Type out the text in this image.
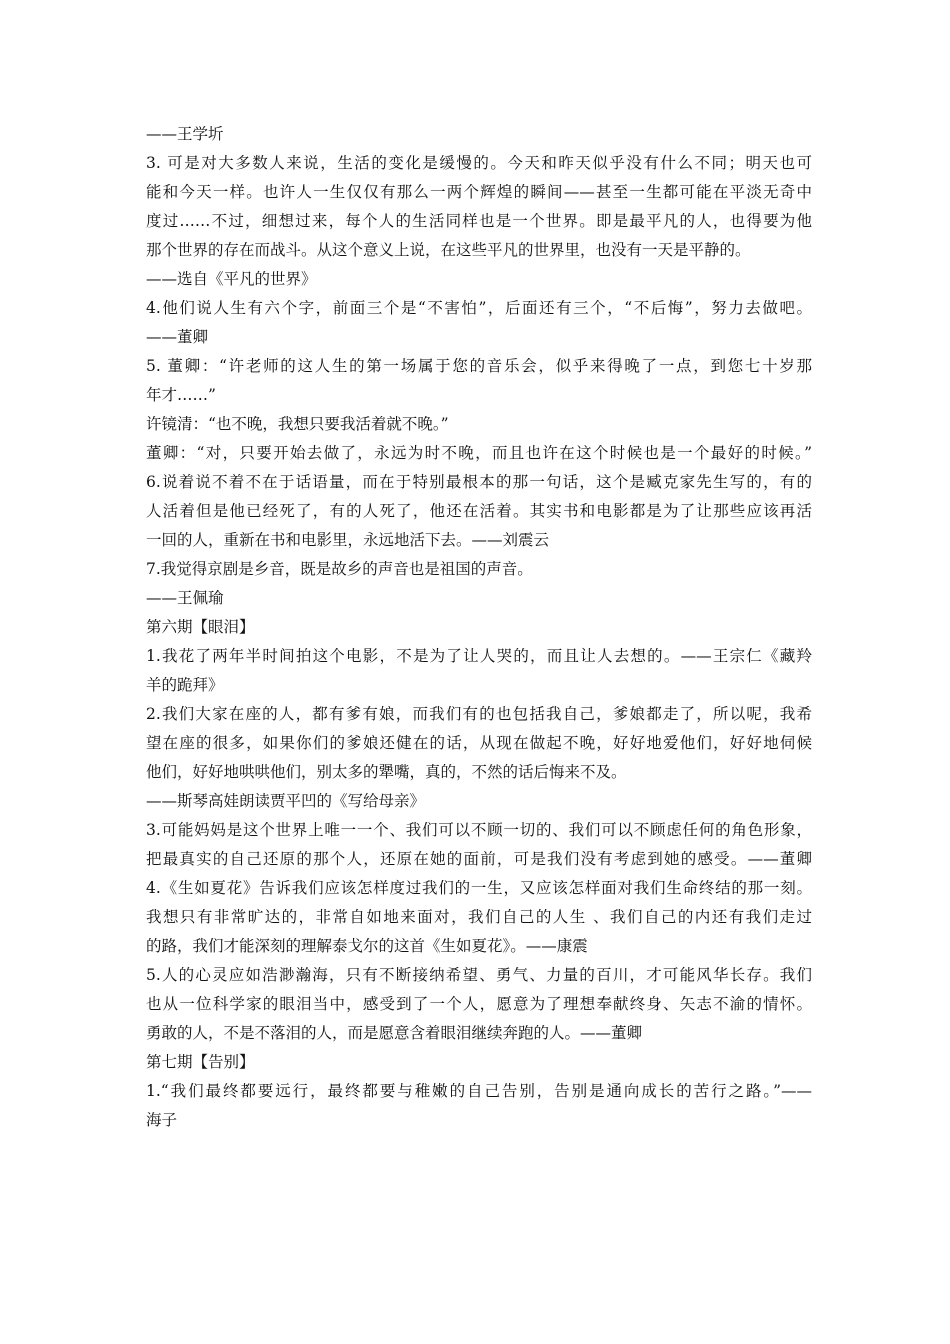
——王学圻
3. 可是对大多数人来说，生活的变化是缓慢的。今天和昨天似乎没有什么不同；明天也可
能和今天一样。也许人一生仅仅有那么一两个辉煌的瞬间——甚至一生都可能在平淡无奇中
度过……不过，细想过来，每个人的生活同样也是一个世界。即是最平凡的人，也得要为他
那个世界的存在而战斗。从这个意义上说，在这些平凡的世界里，也没有一天是平静的。
——选自《平凡的世界》
4.他们说人生有六个字，前面三个是“不害怕”，后面还有三个，“不后悔”，努力去做吧。
——董卿
5. 董卿：“许老师的这人生的第一场属于您的音乐会，似乎来得晚了一点，到您七十岁那
年才……”
许镜清：“也不晚，我想只要我活着就不晚。”
董卿：“对，只要开始去做了，永远为时不晚，而且也许在这个时候也是一个最好的时候。”
6.说着说不着不在于话语量，而在于特别最根本的那一句话，这个是臧克家先生写的，有的
人活着但是他已经死了，有的人死了，他还在活着。其实书和电影都是为了让那些应该再活
一回的人，重新在书和电影里，永远地活下去。——刘震云
7.我觉得京剧是乡音，既是故乡的声音也是祖国的声音。
——王佩瑜
第六期【眼泪】
1.我花了两年半时间拍这个电影，不是为了让人哭的，而且让人去想的。——王宗仁《藏羚
羊的跪拜》
2.我们大家在座的人，都有爹有娘，而我们有的也包括我自己，爹娘都走了，所以呢，我希
望在座的很多，如果你们的爹娘还健在的话，从现在做起不晚，好好地爱他们，好好地伺候
他们，好好地哄哄他们，别太多的犟嘴，真的，不然的话后悔来不及。
——斯琴高娃朗读贾平凹的《写给母亲》
3.可能妈妈是这个世界上唯一一个、我们可以不顾一切的、我们可以不顾虑任何的角色形象，
把最真实的自己还原的那个人，还原在她的面前，可是我们没有考虑到她的感受。——董卿
4.《生如夏花》告诉我们应该怎样度过我们的一生，又应该怎样面对我们生命终结的那一刻。
我想只有非常旷达的，非常自如地来面对，我们自己的人生 、我们自己的内还有我们走过
的路，我们才能深刻的理解泰戈尔的这首《生如夏花》。——康震
5.人的心灵应如浩渺瀚海，只有不断接纳希望、勇气、力量的百川，才可能风华长存。我们
也从一位科学家的眼泪当中，感受到了一个人，愿意为了理想奉献终身、矢志不渝的情怀。
勇敢的人，不是不落泪的人，而是愿意含着眼泪继续奔跑的人。——董卿
第七期【告别】
1.“我们最终都要远行，最终都要与稚嫩的自己告别，告别是通向成长的苦行之路。”——
海子
